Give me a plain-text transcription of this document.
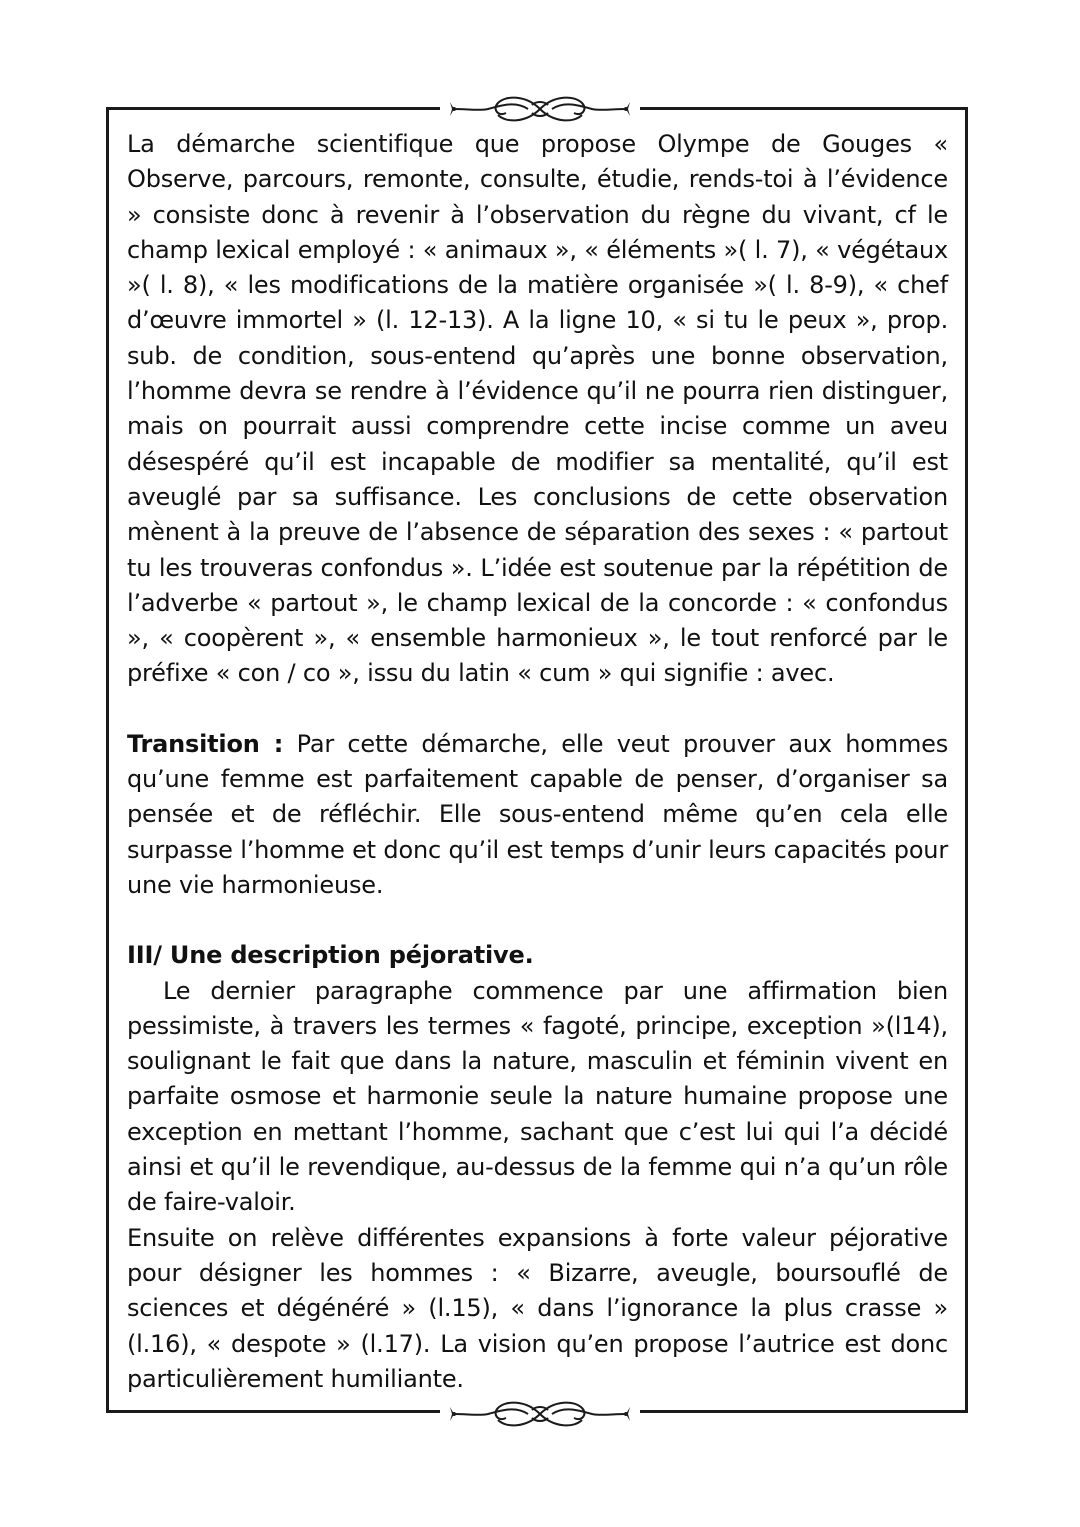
La démarche scientifique que propose Olympe de Gouges « Observe, parcours, remonte, consulte, étudie, rends-toi à l’évidence » consiste donc à revenir à l’observation du règne du vivant, cf le champ lexical employé : « animaux », « éléments »( l. 7), « végétaux »( l. 8), « les modifications de la matière organisée »( l. 8-9), « chef d’œuvre immortel » (l. 12-13). A la ligne 10, « si tu le peux », prop. sub. de condition, sous-entend qu’après une bonne observation, l’homme devra se rendre à l’évidence qu’il ne pourra rien distinguer, mais on pourrait aussi comprendre cette incise comme un aveu désespéré qu’il est incapable de modifier sa mentalité, qu’il est aveuglé par sa suffisance. Les conclusions de cette observation mènent à la preuve de l’absence de séparation des sexes : « partout tu les trouveras confondus ». L’idée est soutenue par la répétition de l’adverbe « partout », le champ lexical de la concorde : « confondus », « coopèrent », « ensemble harmonieux », le tout renforcé par le préfixe « con / co », issu du latin « cum » qui signifie : avec.

Transition : Par cette démarche, elle veut prouver aux hommes qu’une femme est parfaitement capable de penser, d’organiser sa pensée et de réfléchir. Elle sous-entend même qu’en cela elle surpasse l’homme et donc qu’il est temps d’unir leurs capacités pour une vie harmonieuse.

III/ Une description péjorative.

Le dernier paragraphe commence par une affirmation bien pessimiste, à travers les termes « fagoté, principe, exception »(l14), soulignant le fait que dans la nature, masculin et féminin vivent en parfaite osmose et harmonie seule la nature humaine propose une exception en mettant l’homme, sachant que c’est lui qui l’a décidé ainsi et qu’il le revendique, au-dessus de la femme qui n’a qu’un rôle de faire-valoir.

Ensuite on relève différentes expansions à forte valeur péjorative pour désigner les hommes : « Bizarre, aveugle, boursouflé de sciences et dégénéré » (l.15), « dans l’ignorance la plus crasse » (l.16), « despote » (l.17). La vision qu’en propose l’autrice est donc particulièrement humiliante.
